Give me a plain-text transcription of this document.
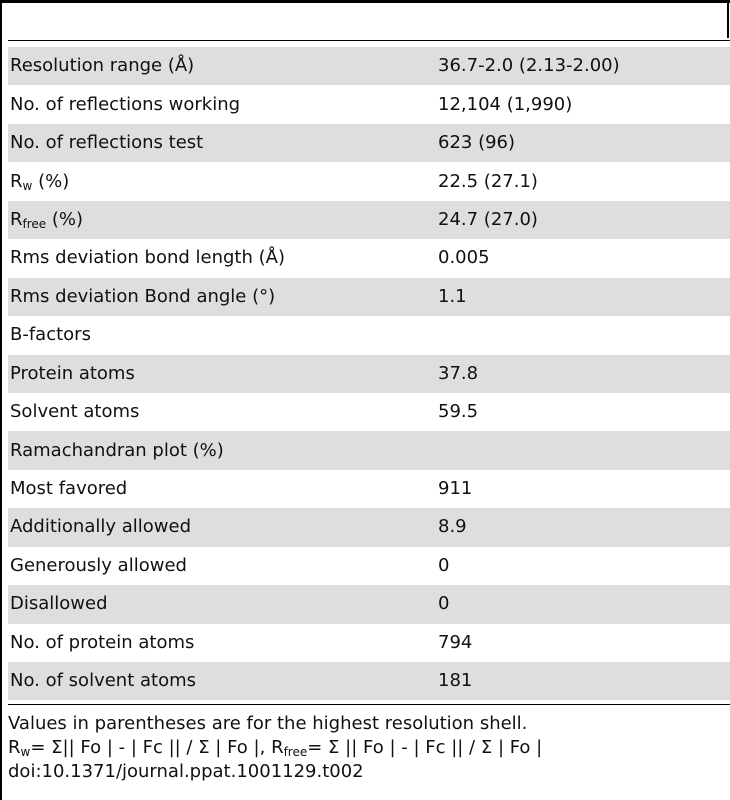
Resolution range (Å)	36.7-2.0 (2.13-2.00)
No. of reflections working	12,104 (1,990)
No. of reflections test	623 (96)
$R_w$ (%)	22.5 (27.1)
$R_{free}$ (%)	24.7 (27.0)
Rms deviation bond length (Å)	0.005
Rms deviation Bond angle (°)	1.1
B-factors	
Protein atoms	37.8
Solvent atoms	59.5
Ramachandran plot (%)	
Most favored	911
Additionally allowed	8.9
Generously allowed	0
Disallowed	0
No. of protein atoms	794
No. of solvent atoms	181
Values in parentheses are for the highest resolution shell.
$R_w= \Sigma||$ Fo | - | Fc || / Σ | Fo |, $R_{free}= \Sigma$ || Fo | - | Fc || / Σ | Fo |
doi:10.1371/journal.ppat.1001129.t002
